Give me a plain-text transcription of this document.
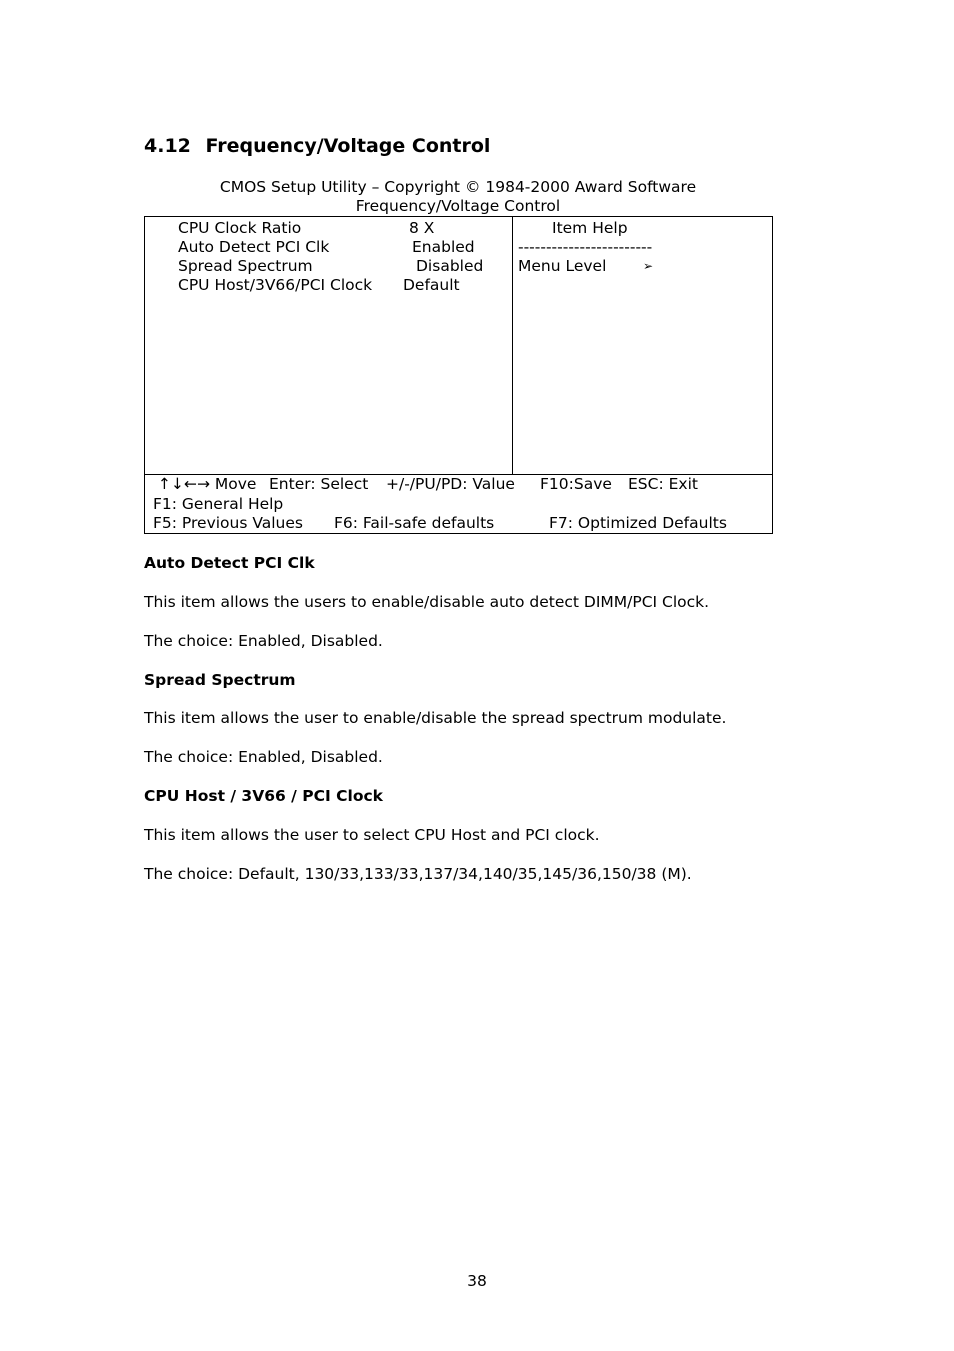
4.12 Frequency/Voltage Control
CMOS Setup Utility – Copyright © 1984-2000 Award Software
Frequency/Voltage Control
CPU Clock Ratio	8 X
Auto Detect PCI Clk	Enabled
Spread Spectrum	Disabled
CPU Host/3V66/PCI Clock Default
Item Help
------------------------
Menu Level	➢
↑↓←→ Move Enter: Select +/-/PU/PD: Value F10:Save ESC: Exit
F1: General Help
F5: Previous Values F6: Fail-safe defaults	F7: Optimized Defaults
Auto Detect PCI Clk
This item allows the users to enable/disable auto detect DIMM/PCI Clock.
The choice: Enabled, Disabled.
Spread Spectrum
This item allows the user to enable/disable the spread spectrum modulate.
The choice: Enabled, Disabled.
CPU Host / 3V66 / PCI Clock
This item allows the user to select CPU Host and PCI clock.
The choice: Default, 130/33,133/33,137/34,140/35,145/36,150/38 (M).
38
